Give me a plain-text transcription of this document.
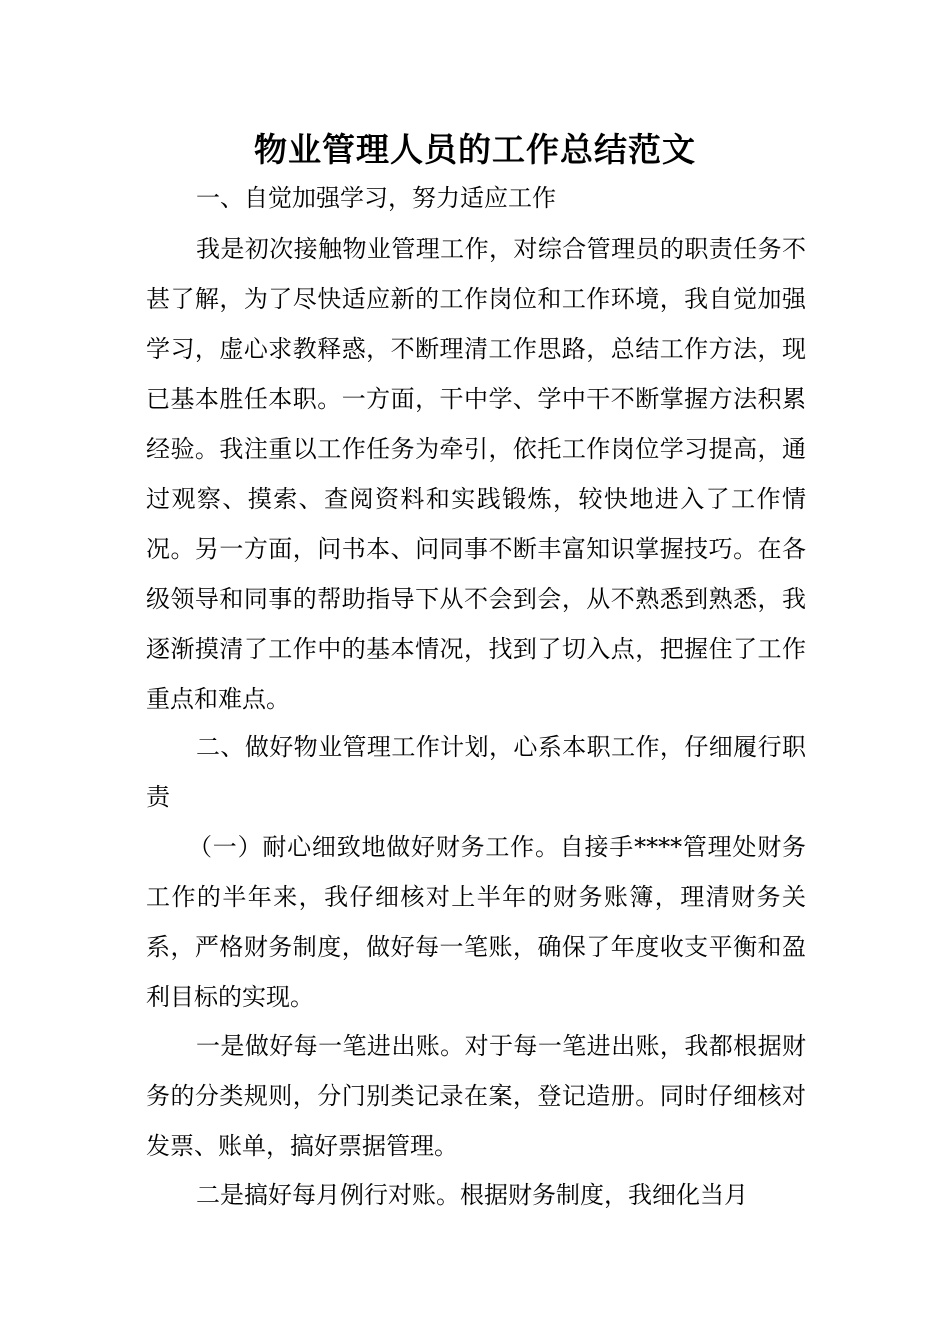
物业管理人员的工作总结范文
一、自觉加强学习，努力适应工作
我是初次接触物业管理工作，对综合管理员的职责任务不甚了解，为了尽快适应新的工作岗位和工作环境，我自觉加强学习，虚心求教释惑，不断理清工作思路，总结工作方法，现已基本胜任本职。一方面，干中学、学中干不断掌握方法积累经验。我注重以工作任务为牵引，依托工作岗位学习提高，通过观察、摸索、查阅资料和实践锻炼，较快地进入了工作情况。另一方面，问书本、问同事不断丰富知识掌握技巧。在各级领导和同事的帮助指导下从不会到会，从不熟悉到熟悉，我逐渐摸清了工作中的基本情况，找到了切入点，把握住了工作重点和难点。
二、做好物业管理工作计划，心系本职工作，仔细履行职责
（一）耐心细致地做好财务工作。自接手****管理处财务工作的半年来，我仔细核对上半年的财务账簿，理清财务关系，严格财务制度，做好每一笔账，确保了年度收支平衡和盈利目标的实现。
一是做好每一笔进出账。对于每一笔进出账，我都根据财务的分类规则，分门别类记录在案，登记造册。同时仔细核对发票、账单，搞好票据管理。
二是搞好每月例行对账。根据财务制度，我细化当月
